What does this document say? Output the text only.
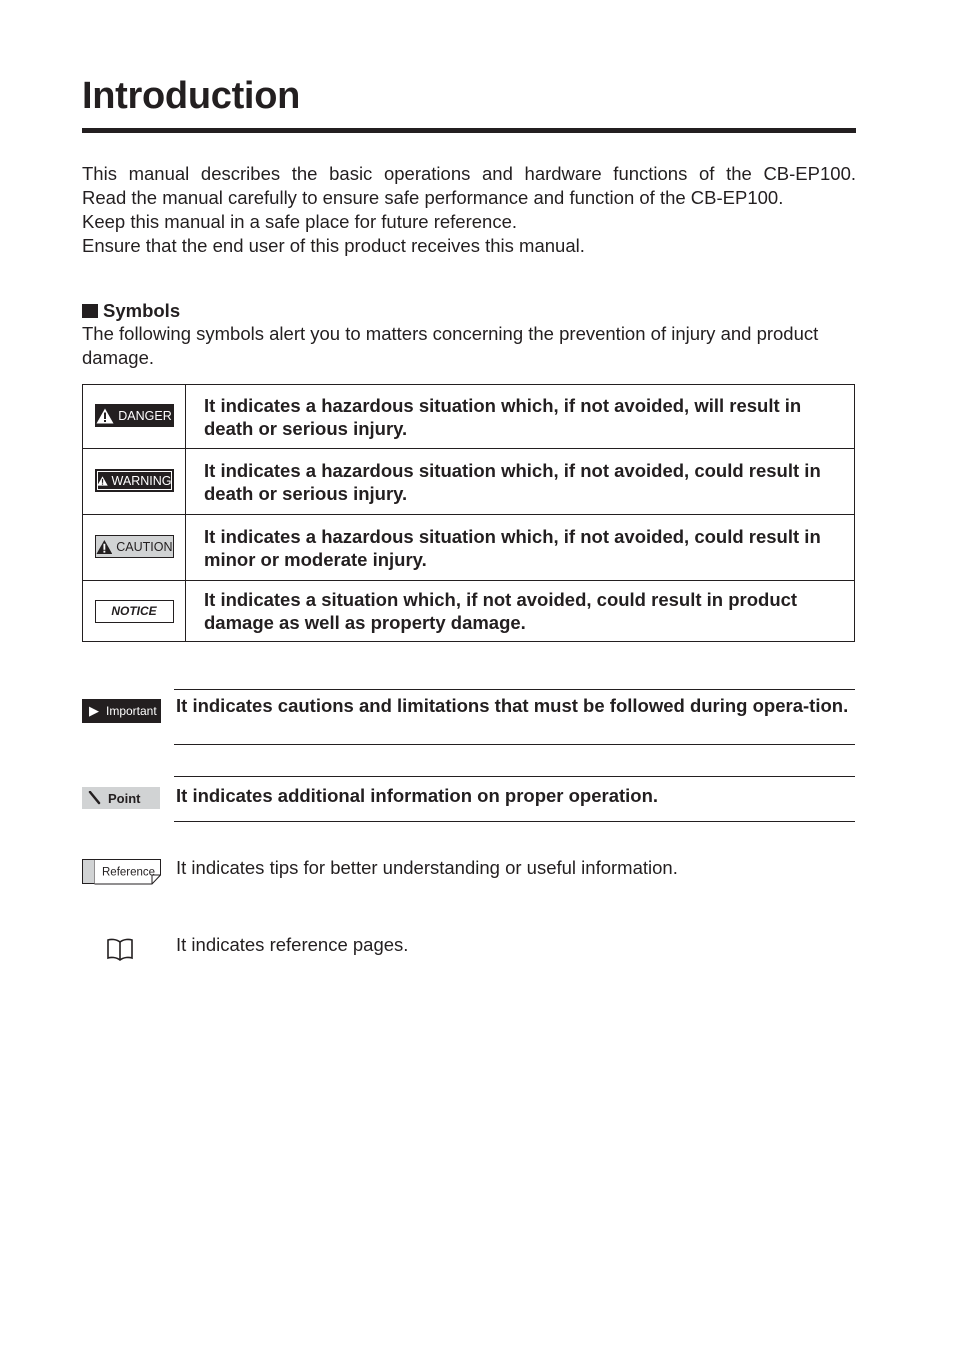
Introduction

This manual describes the basic operations and hardware functions of the CB-EP100.

Read the manual carefully to ensure safe performance and function of the CB-EP100.

Keep this manual in a safe place for future reference.

Ensure that the end user of this product receives this manual.

Symbols

The following symbols alert you to matters concerning the prevention of injury and product damage.

DANGER	It indicates a hazardous situation which, if not avoided, will result in death or serious injury.

WARNING	It indicates a hazardous situation which, if not avoided, could result in death or serious injury.

CAUTION	It indicates a hazardous situation which, if not avoided, could result in minor or moderate injury.

NOTICE	It indicates a situation which, if not avoided, could result in product damage as well as property damage.
▶ Important It indicates cautions and limitations that must be followed during opera-tion.
Point It indicates additional information on proper operation.
Reference It indicates tips for better understanding or useful information.
It indicates reference pages.
